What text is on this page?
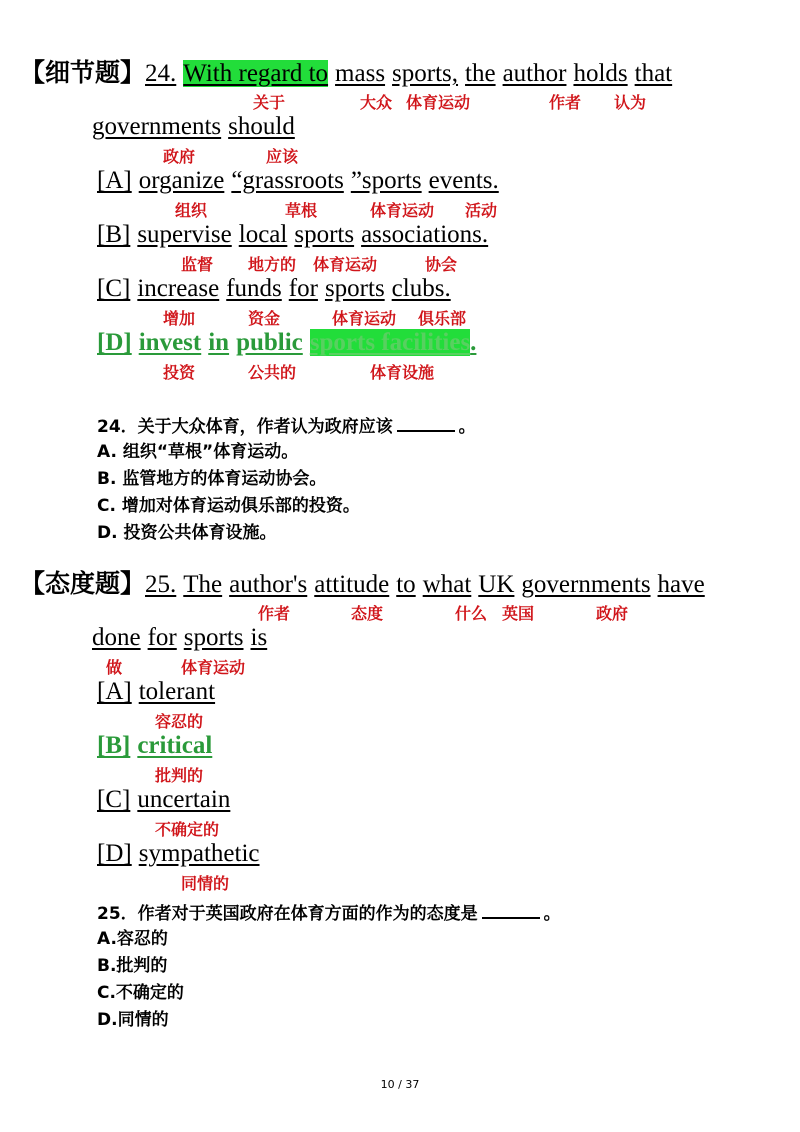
【细节题】24. With regard to mass sports, the author holds that
关于	大众 体育运动	作者 认为
governments should
政府	应该
[A] organize “grassroots ”sports events.
组织	草根	体育运动 活动
[B] supervise local sports associations.
监督 地方的 体育运动	协会
[C] increase funds for sports clubs.
增加	资金	体育运动 俱乐部
[D] invest in public sports facilities.
投资	公共的	体育设施
24．关于大众体育，作者认为政府应该	。
A. 组织“草根”体育运动。
B. 监管地方的体育运动协会。
C. 增加对体育运动俱乐部的投资。
D. 投资公共体育设施。
【态度题】25. The author's attitude to what UK governments have
作者	态度	什么 英国	政府
done for sports is
做	体育运动
[A] tolerant
容忍的
[B] critical
批判的
[C] uncertain
不确定的
[D] sympathetic
同情的
25．作者对于英国政府在体育方面的作为的态度是	。
A.容忍的
B.批判的
C.不确定的
D.同情的
10 / 37
